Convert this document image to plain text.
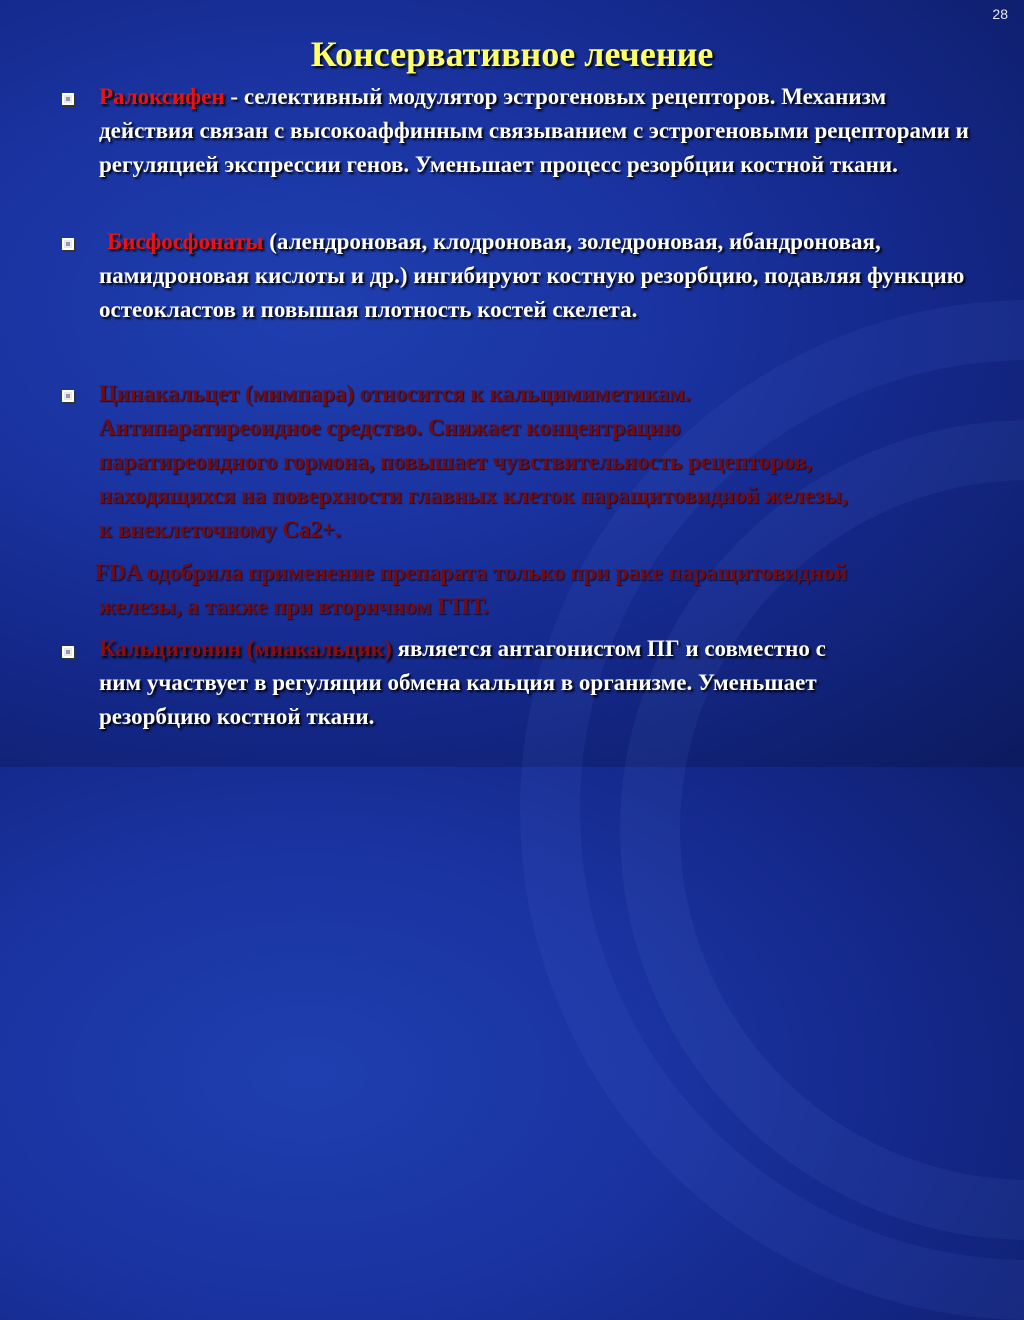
28
Консервативное лечение
Ралоксифен - селективный модулятор эстрогеновых рецепторов. Механизм действия связан с высокоаффинным связыванием с эстрогеновыми рецепторами и регуляцией экспрессии генов. Уменьшает процесс резорбции костной ткани.
Бисфосфонаты (алендроновая, клодроновая, золедроновая, ибандроновая, памидроновая кислоты и др.) ингибируют костную резорбцию, подавляя функцию остеокластов и повышая плотность костей скелета.
Цинакальцет (мимпара) относится к кальцимиметикам. Антипаратиреоидное средство. Снижает концентрацию паратиреоидного гормона, повышает чувствительность рецепторов, находящихся на поверхности главных клеток паращитовидной железы, к внеклеточному Са2+.
FDA одобрила применение препарата только при раке паращитовидной железы, а также при вторичном ГПТ.
Кальцитонин (миакальцик) является антагонистом ПГ и совместно с ним участвует в регуляции обмена кальция в организме. Уменьшает резорбцию костной ткани.
